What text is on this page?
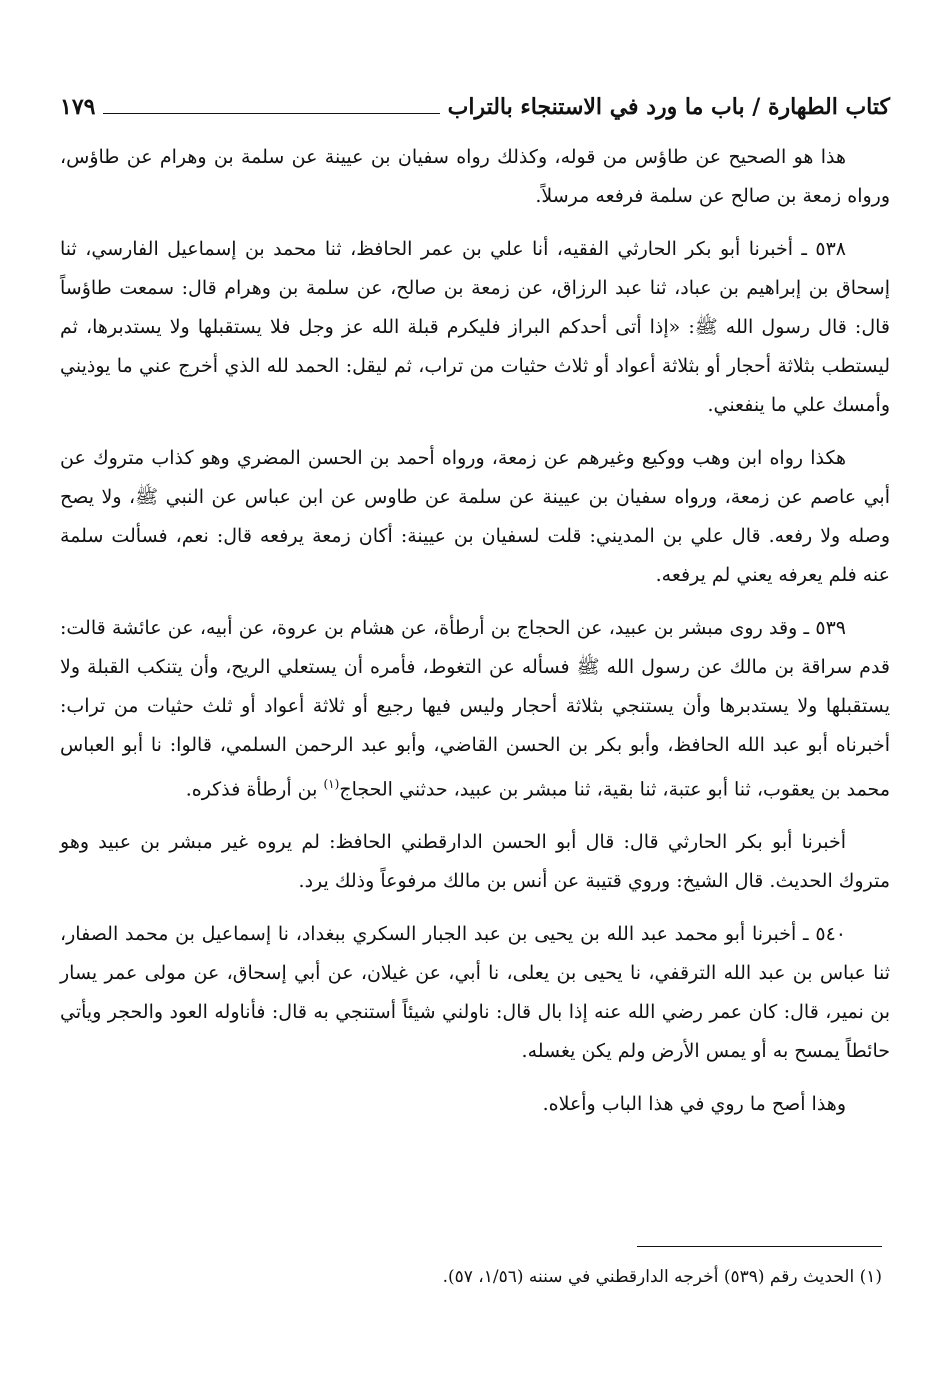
كتاب الطهارة / باب ما ورد في الاستنجاء بالتراب
١٧٩

هذا هو الصحيح عن طاؤس من قوله، وكذلك رواه سفيان بن عيينة عن سلمة بن وهرام عن طاؤس، ورواه زمعة بن صالح عن سلمة فرفعه مرسلاً.

٥٣٨ ـ أخبرنا أبو بكر الحارثي الفقيه، أنا علي بن عمر الحافظ، ثنا محمد بن إسماعيل الفارسي، ثنا إسحاق بن إبراهيم بن عباد، ثنا عبد الرزاق، عن زمعة بن صالح، عن سلمة بن وهرام قال: سمعت طاؤساً قال: قال رسول الله ﷺ: «إذا أتى أحدكم البراز فليكرم قبلة الله عز وجل فلا يستقبلها ولا يستدبرها، ثم ليستطب بثلاثة أحجار أو بثلاثة أعواد أو ثلاث حثيات من تراب، ثم ليقل: الحمد لله الذي أخرج عني ما يوذيني وأمسك علي ما ينفعني.

هكذا رواه ابن وهب ووكيع وغيرهم عن زمعة، ورواه أحمد بن الحسن المضري وهو كذاب متروك عن أبي عاصم عن زمعة، ورواه سفيان بن عيينة عن سلمة عن طاوس عن ابن عباس عن النبي ﷺ، ولا يصح وصله ولا رفعه. قال علي بن المديني: قلت لسفيان بن عيينة: أكان زمعة يرفعه قال: نعم، فسألت سلمة عنه فلم يعرفه يعني لم يرفعه.

٥٣٩ ـ وقد روى مبشر بن عبيد، عن الحجاج بن أرطأة، عن هشام بن عروة، عن أبيه، عن عائشة قالت: قدم سراقة بن مالك عن رسول الله ﷺ فسأله عن التغوط، فأمره أن يستعلي الريح، وأن يتنكب القبلة ولا يستقبلها ولا يستدبرها وأن يستنجي بثلاثة أحجار وليس فيها رجيع أو ثلاثة أعواد أو ثلث حثيات من تراب: أخبرناه أبو عبد الله الحافظ، وأبو بكر بن الحسن القاضي، وأبو عبد الرحمن السلمي، قالوا: نا أبو العباس محمد بن يعقوب، ثنا أبو عتبة، ثنا بقية، ثنا مبشر بن عبيد، حدثني الحجاج$^{(١)}$ بن أرطأة فذكره.

أخبرنا أبو بكر الحارثي قال: قال أبو الحسن الدارقطني الحافظ: لم يروه غير مبشر بن عبيد وهو متروك الحديث. قال الشيخ: وروي قتيبة عن أنس بن مالك مرفوعاً وذلك يرد.

٥٤٠ ـ أخبرنا أبو محمد عبد الله بن يحيى بن عبد الجبار السكري ببغداد، نا إسماعيل بن محمد الصفار، ثنا عباس بن عبد الله الترقفي، نا يحيى بن يعلى، نا أبي، عن غيلان، عن أبي إسحاق، عن مولى عمر يسار بن نمير، قال: كان عمر رضي الله عنه إذا بال قال: ناولني شيئاً أستنجي به قال: فأناوله العود والحجر ويأتي حائطاً يمسح به أو يمس الأرض ولم يكن يغسله.

وهذا أصح ما روي في هذا الباب وأعلاه.

(١) الحديث رقم (٥٣٩) أخرجه الدارقطني في سننه (١/٥٦، ٥٧).
